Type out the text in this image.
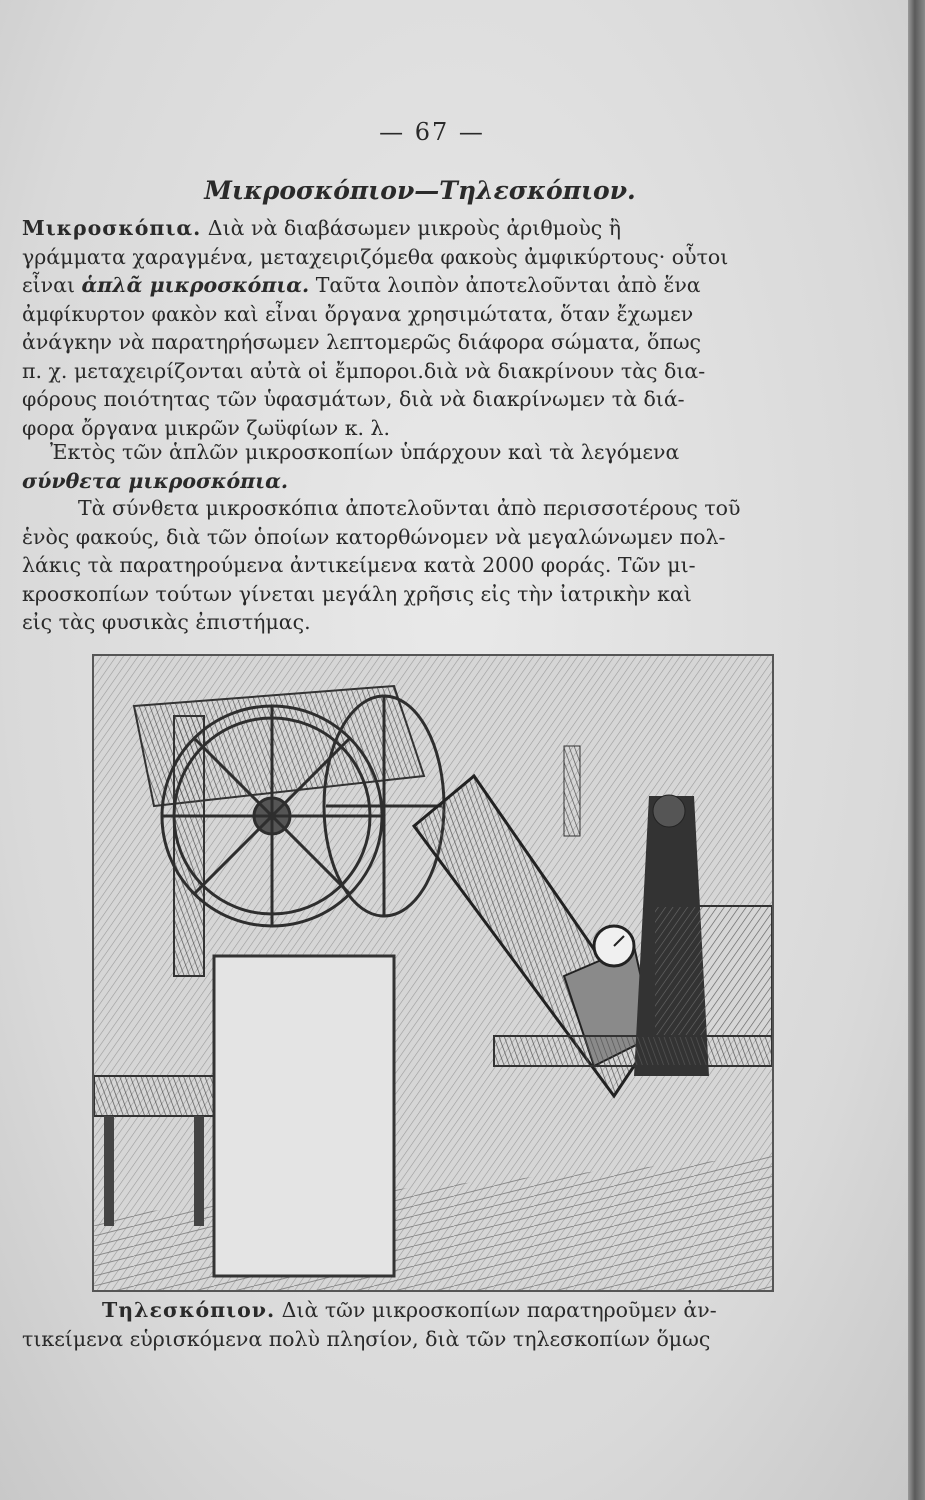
— 67 —
Μικροσκόπιον—Τηλεσκόπιον.
Μικροσκόπια. Διὰ νὰ διαβάσωμεν μικροὺς ἀριθμοὺς ἢ
γράμματα χαραγμένα, μεταχειριζόμεθα φακοὺς ἀμφικύρτους· οὗτοι
εἶναι ἁπλᾶ μικροσκόπια. Ταῦτα λοιπὸν ἀποτελοῦνται ἀπὸ ἕνα
ἀμφίκυρτον φακὸν καὶ εἶναι ὄργανα χρησιμώτατα, ὅταν ἔχωμεν
ἀνάγκην νὰ παρατηρήσωμεν λεπτομερῶς διάφορα σώματα, ὅπως
π. χ. μεταχειρίζονται αὐτὰ οἱ ἔμποροι.διὰ νὰ διακρίνουν τὰς δια-
φόρους ποιότητας τῶν ὑφασμάτων, διὰ νὰ διακρίνωμεν τὰ διά-
φορα ὄργανα μικρῶν ζωϋφίων κ. λ.
Ἐκτὸς τῶν ἁπλῶν μικροσκοπίων ὑπάρχουν καὶ τὰ λεγόμενα
σύνθετα μικροσκόπια.
Τὰ σύνθετα μικροσκόπια ἀποτελοῦνται ἀπὸ περισσοτέρους τοῦ
ἑνὸς φακούς, διὰ τῶν ὁποίων κατορθώνομεν νὰ μεγαλώνωμεν πολ-
λάκις τὰ παρατηρούμενα ἀντικείμενα κατὰ 2000 φοράς. Τῶν μι-
κροσκοπίων τούτων γίνεται μεγάλη χρῆσις εἰς τὴν ἰατρικὴν καὶ
εἰς τὰς φυσικὰς ἐπιστήμας.
Τηλεσκόπιον. Διὰ τῶν μικροσκοπίων παρατηροῦμεν ἀν-
τικείμενα εὑρισκόμενα πολὺ πλησίον, διὰ τῶν τηλεσκοπίων ὅμως
